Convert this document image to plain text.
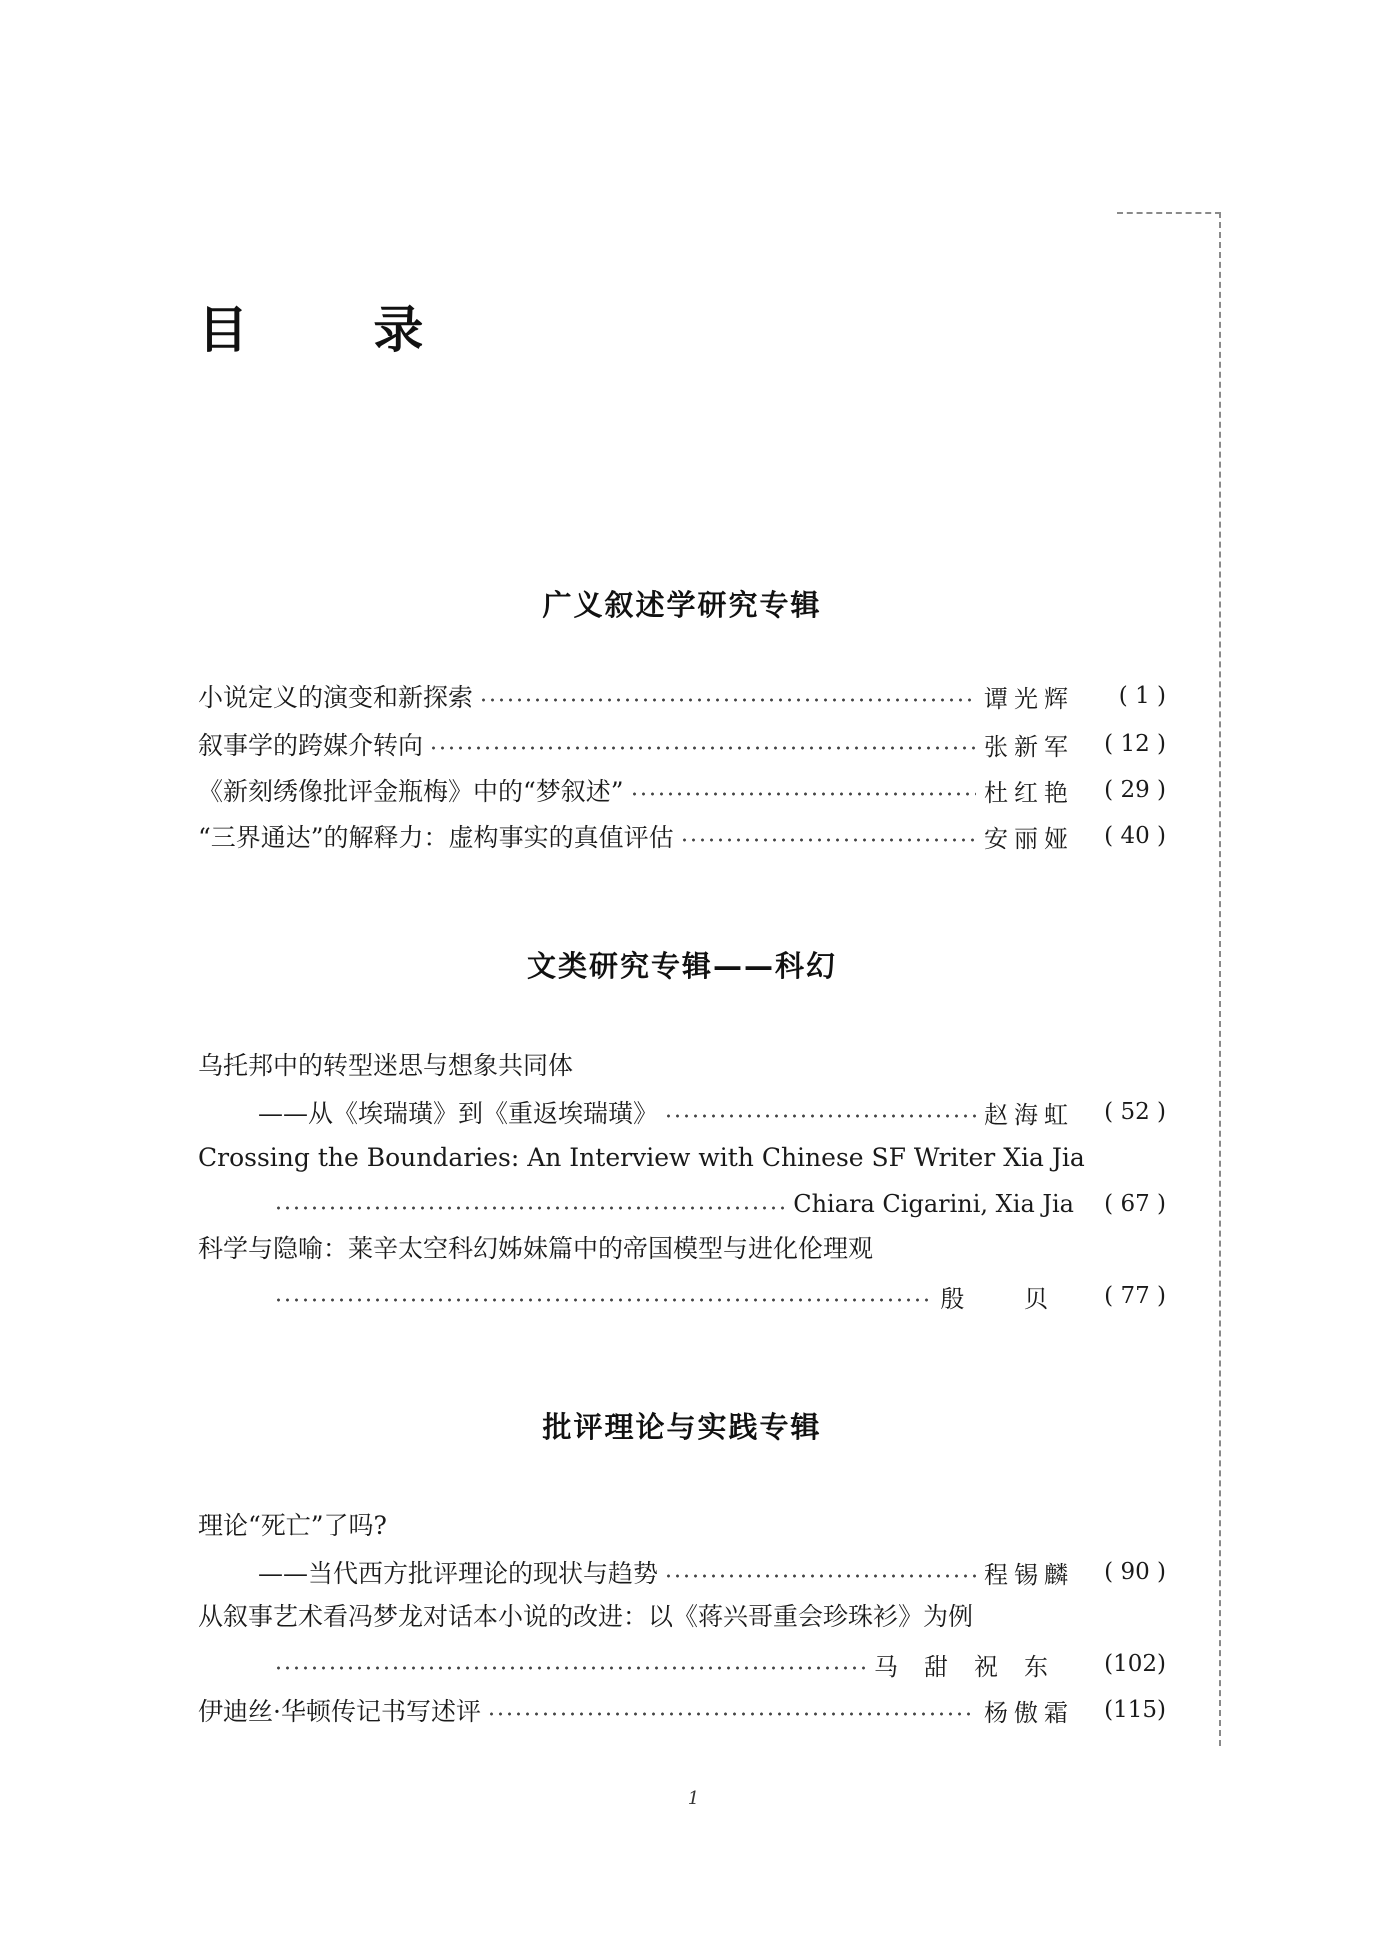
目 录
广义叙述学研究专辑
小说定义的演变和新探索	谭光辉	( 1 )
叙事学的跨媒介转向	张新军	( 12 )
《新刻绣像批评金瓶梅》中的“梦叙述”	杜红艳	( 29 )
“三界通达”的解释力：虚构事实的真值评估	安丽娅	( 40 )
文类研究专辑——科幻
乌托邦中的转型迷思与想象共同体
——从《埃瑞璜》到《重返埃瑞璜》	赵海虹	( 52 )
Crossing the Boundaries: An Interview with Chinese SF Writer Xia Jia
Chiara Cigarini, Xia Jia	( 67 )
科学与隐喻：莱辛太空科幻姊妹篇中的帝国模型与进化伦理观
殷 贝	( 77 )
批评理论与实践专辑
理论“死亡”了吗?
——当代西方批评理论的现状与趋势	程锡麟	( 90 )
从叙事艺术看冯梦龙对话本小说的改进：以《蒋兴哥重会珍珠衫》为例
马甜祝东	(102)
伊迪丝·华顿传记书写述评	杨傲霜	(115)
1
